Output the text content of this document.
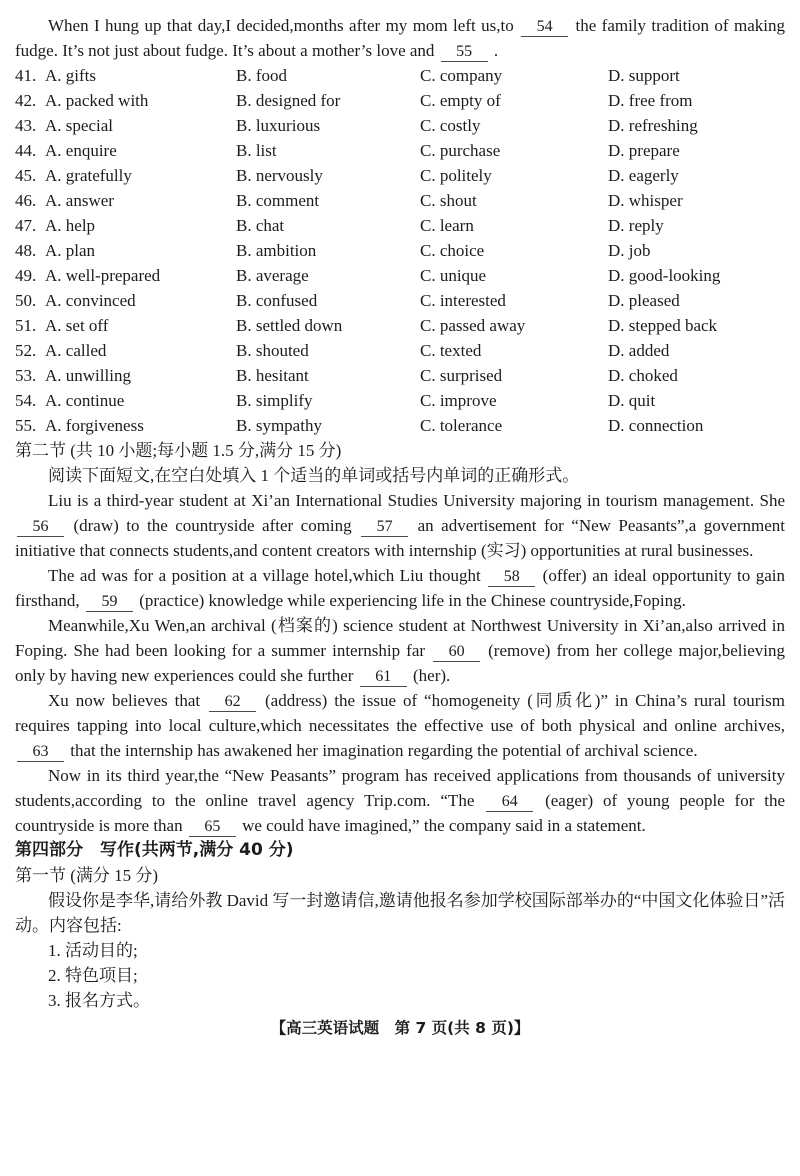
When I hung up that day,I decided,months after my mom left us,to 54 the family tradition of making fudge. It’s not just about fudge. It’s about a mother’s love and 55 .

41. A. gifts	B. food	C. company	D. support
42. A. packed with	B. designed for	C. empty of	D. free from
43. A. special	B. luxurious	C. costly	D. refreshing
44. A. enquire	B. list	C. purchase	D. prepare
45. A. gratefully	B. nervously	C. politely	D. eagerly
46. A. answer	B. comment	C. shout	D. whisper
47. A. help	B. chat	C. learn	D. reply
48. A. plan	B. ambition	C. choice	D. job
49. A. well-prepared	B. average	C. unique	D. good-looking
50. A. convinced	B. confused	C. interested	D. pleased
51. A. set off	B. settled down	C. passed away	D. stepped back
52. A. called	B. shouted	C. texted	D. added
53. A. unwilling	B. hesitant	C. surprised	D. choked
54. A. continue	B. simplify	C. improve	D. quit
55. A. forgiveness	B. sympathy	C. tolerance	D. connection
第二节 (共 10 小题;每小题 1.5 分,满分 15 分)
阅读下面短文,在空白处填入 1 个适当的单词或括号内单词的正确形式。

Liu is a third-year student at Xi’an International Studies University majoring in tourism management. She 56 (draw) to the countryside after coming 57 an advertisement for “New Peasants”,a government initiative that connects students,and content creators with internship (实习) opportunities at rural businesses.

The ad was for a position at a village hotel,which Liu thought 58 (offer) an ideal opportunity to gain firsthand, 59 (practice) knowledge while experiencing life in the Chinese countryside,Foping.

Meanwhile,Xu Wen,an archival (档案的) science student at Northwest University in Xi’an,also arrived in Foping. She had been looking for a summer internship far 60 (remove) from her college major,believing only by having new experiences could she further 61 (her).

Xu now believes that 62 (address) the issue of “homogeneity (同质化)” in China’s rural tourism requires tapping into local culture,which necessitates the effective use of both physical and online archives, 63 that the internship has awakened her imagination regarding the potential of archival science.

Now in its third year,the “New Peasants” program has received applications from thousands of university students,according to the online travel agency Trip.com. “The 64 (eager) of young people for the countryside is more than 65 we could have imagined,” the company said in a statement.

第四部分　写作(共两节,满分 40 分)
第一节 (满分 15 分)

假设你是李华,请给外教 David 写一封邀请信,邀请他报名参加学校国际部举办的“中国文化体验日”活动。内容包括:

1. 活动目的;
2. 特色项目;
3. 报名方式。
【高三英语试题　第 7 页(共 8 页)】
